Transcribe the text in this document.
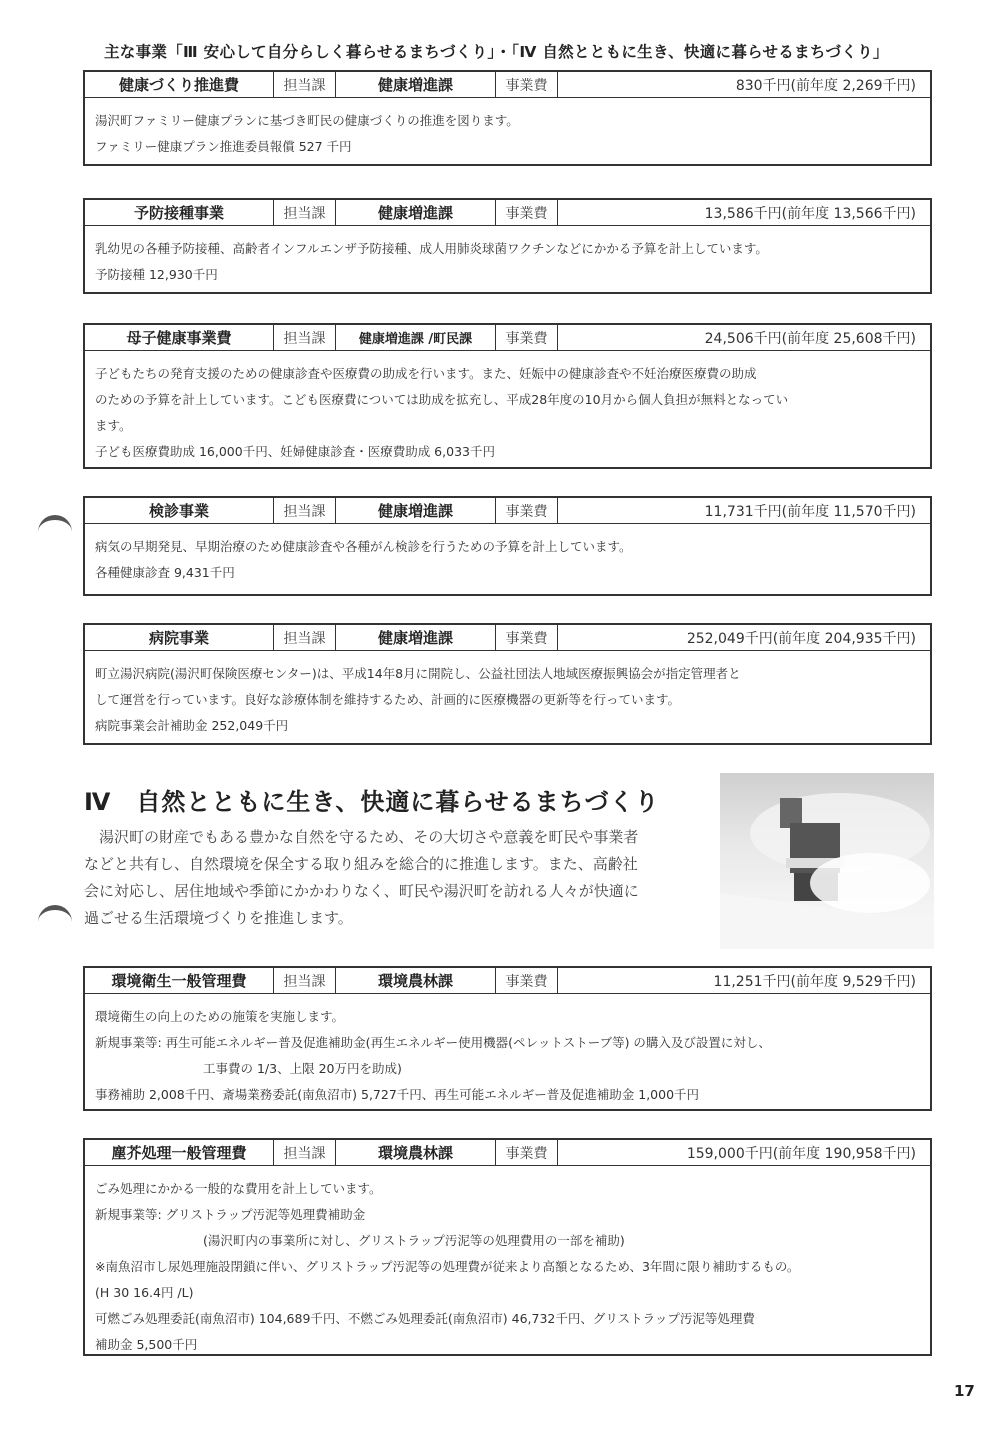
主な事業「Ⅲ 安心して自分らしく暮らせるまちづくり」・「Ⅳ 自然とともに生き、快適に暮らせるまちづくり」
健康づくり推進費	担当課	健康増進課	事業費	830千円(前年度 2,269千円)
湯沢町ファミリー健康プランに基づき町民の健康づくりの推進を図ります。
ファミリー健康プラン推進委員報償 527 千円
予防接種事業	担当課	健康増進課	事業費	13,586千円(前年度 13,566千円)
乳幼児の各種予防接種、高齢者インフルエンザ予防接種、成人用肺炎球菌ワクチンなどにかかる予算を計上しています。
予防接種 12,930千円
母子健康事業費	担当課	健康増進課 /町民課	事業費	24,506千円(前年度 25,608千円)
子どもたちの発育支援のための健康診査や医療費の助成を行います。また、妊娠中の健康診査や不妊治療医療費の助成
のための予算を計上しています。こども医療費については助成を拡充し、平成28年度の10月から個人負担が無料となってい
ます。
子ども医療費助成 16,000千円、妊婦健康診査・医療費助成 6,033千円
検診事業	担当課	健康増進課	事業費	11,731千円(前年度 11,570千円)
病気の早期発見、早期治療のため健康診査や各種がん検診を行うための予算を計上しています。
各種健康診査 9,431千円
病院事業	担当課	健康増進課	事業費	252,049千円(前年度 204,935千円)
町立湯沢病院(湯沢町保険医療センター)は、平成14年8月に開院し、公益社団法人地域医療振興協会が指定管理者と
して運営を行っています。良好な診療体制を維持するため、計画的に医療機器の更新等を行っています。
病院事業会計補助金 252,049千円
環境衛生一般管理費	担当課	環境農林課	事業費	11,251千円(前年度 9,529千円)
環境衛生の向上のための施策を実施します。
新規事業等: 再生可能エネルギー普及促進補助金(再生エネルギー使用機器(ペレットストーブ等) の購入及び設置に対し、
工事費の 1/3、上限 20万円を助成)
事務補助 2,008千円、斎場業務委託(南魚沼市) 5,727千円、再生可能エネルギー普及促進補助金 1,000千円
塵芥処理一般管理費	担当課	環境農林課	事業費	159,000千円(前年度 190,958千円)
ごみ処理にかかる一般的な費用を計上しています。
新規事業等: グリストラップ汚泥等処理費補助金
(湯沢町内の事業所に対し、グリストラップ汚泥等の処理費用の一部を補助)
※南魚沼市し尿処理施設閉鎖に伴い、グリストラップ汚泥等の処理費が従来より高額となるため、3年間に限り補助するもの。
(H 30 16.4円 /L)
可燃ごみ処理委託(南魚沼市) 104,689千円、不燃ごみ処理委託(南魚沼市) 46,732千円、グリストラップ汚泥等処理費
補助金 5,500千円
Ⅳ　自然とともに生き、快適に暮らせるまちづくり
　湯沢町の財産でもある豊かな自然を守るため、その大切さや意義を町民や事業者
などと共有し、自然環境を保全する取り組みを総合的に推進します。また、高齢社
会に対応し、居住地域や季節にかかわりなく、町民や湯沢町を訪れる人々が快適に
過ごせる生活環境づくりを推進します。
17
